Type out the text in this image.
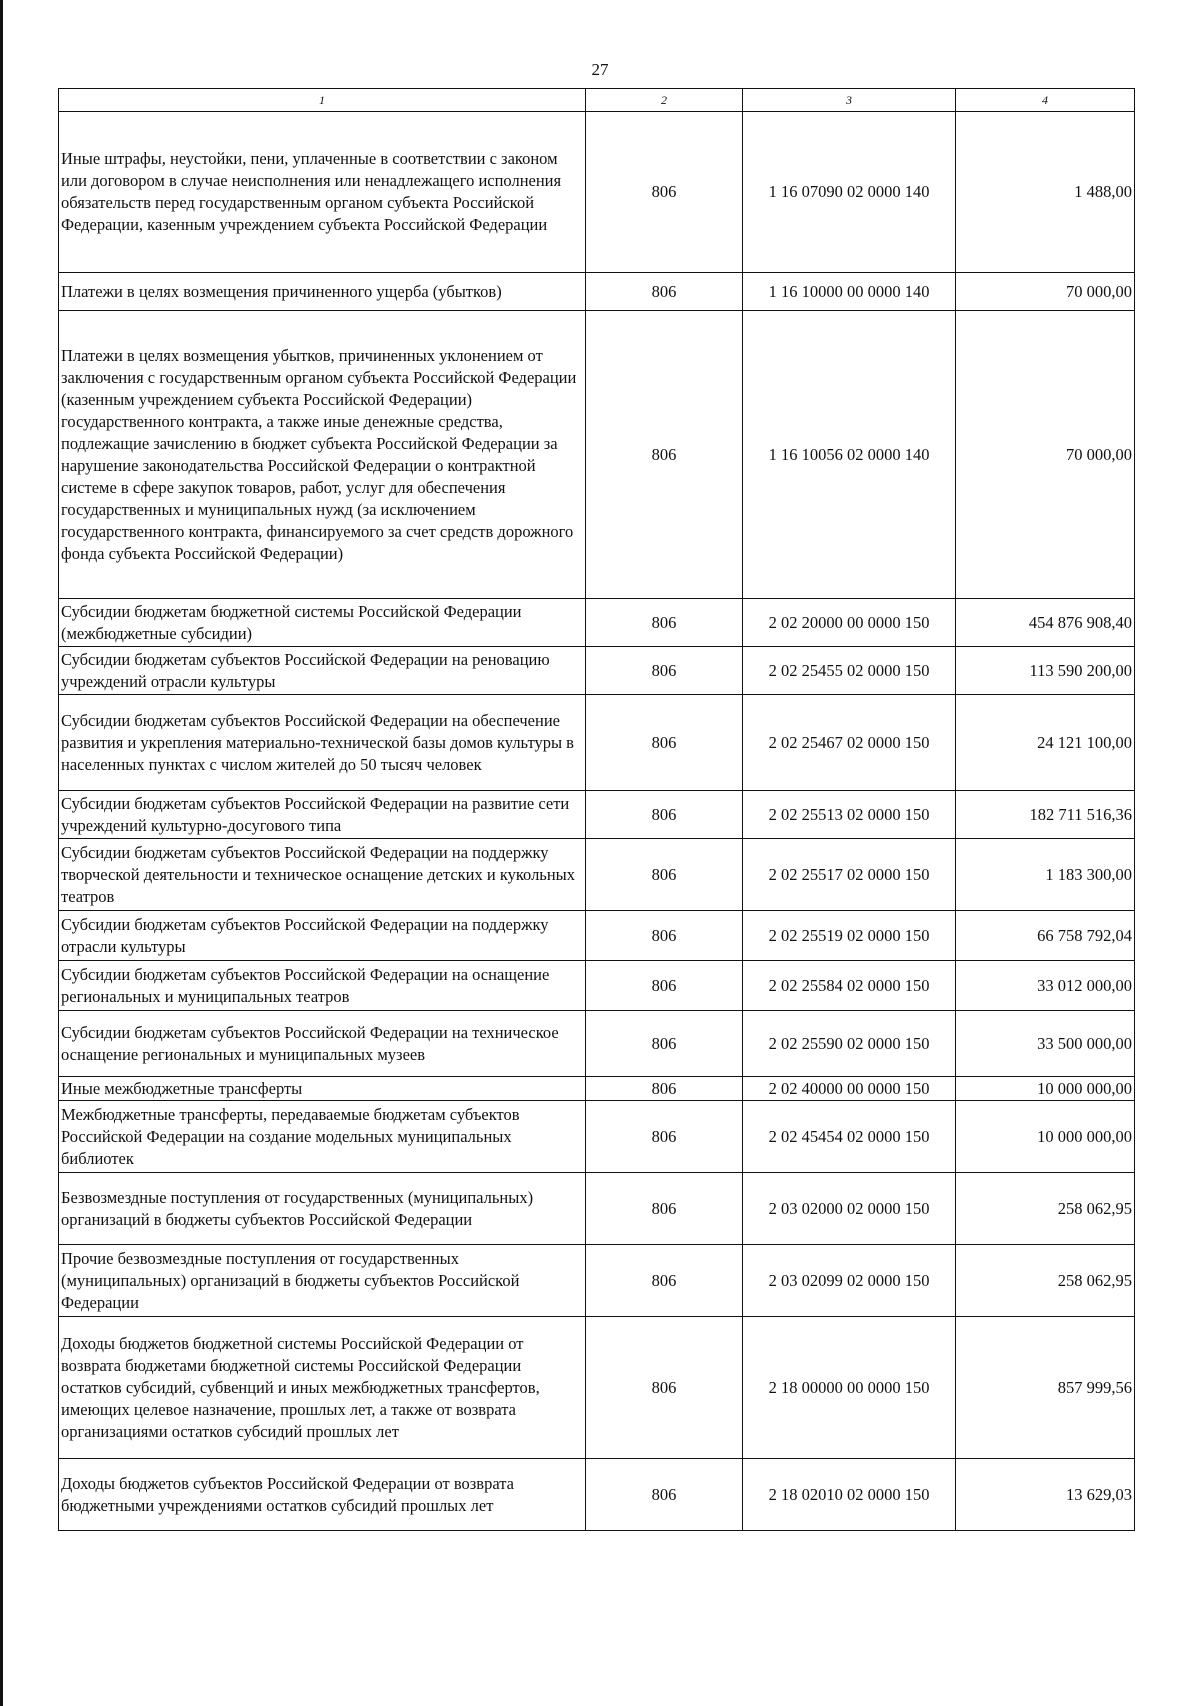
27
1	2	3	4
Иные штрафы, неустойки, пени, уплаченные в соответствии с законом или договором в случае неисполнения или ненадлежащего исполнения обязательств перед государственным органом субъекта Российской Федерации, казенным учреждением субъекта Российской Федерации	806	1 16 07090 02 0000 140	1 488,00
Платежи в целях возмещения причиненного ущерба (убытков)	806	1 16 10000 00 0000 140	70 000,00
Платежи в целях возмещения убытков, причиненных уклонением от заключения с государственным органом субъекта Российской Федерации (казенным учреждением субъекта Российской Федерации) государственного контракта, а также иные денежные средства, подлежащие зачислению в бюджет субъекта Российской Федерации за нарушение законодательства Российской Федерации о контрактной системе в сфере закупок товаров, работ, услуг для обеспечения государственных и муниципальных нужд (за исключением государственного контракта, финансируемого за счет средств дорожного фонда субъекта Российской Федерации)	806	1 16 10056 02 0000 140	70 000,00
Субсидии бюджетам бюджетной системы Российской Федерации (межбюджетные субсидии)	806	2 02 20000 00 0000 150	454 876 908,40
Субсидии бюджетам субъектов Российской Федерации на реновацию учреждений отрасли культуры	806	2 02 25455 02 0000 150	113 590 200,00
Субсидии бюджетам субъектов Российской Федерации на обеспечение развития и укрепления материально-технической базы домов культуры в населенных пунктах с числом жителей до 50 тысяч человек	806	2 02 25467 02 0000 150	24 121 100,00
Субсидии бюджетам субъектов Российской Федерации на развитие сети учреждений культурно-досугового типа	806	2 02 25513 02 0000 150	182 711 516,36
Субсидии бюджетам субъектов Российской Федерации на поддержку творческой деятельности и техническое оснащение детских и кукольных театров	806	2 02 25517 02 0000 150	1 183 300,00
Субсидии бюджетам субъектов Российской Федерации на поддержку отрасли культуры	806	2 02 25519 02 0000 150	66 758 792,04
Субсидии бюджетам субъектов Российской Федерации на оснащение региональных и муниципальных театров	806	2 02 25584 02 0000 150	33 012 000,00
Субсидии бюджетам субъектов Российской Федерации на техническое оснащение региональных и муниципальных музеев	806	2 02 25590 02 0000 150	33 500 000,00
Иные межбюджетные трансферты	806	2 02 40000 00 0000 150	10 000 000,00
Межбюджетные трансферты, передаваемые бюджетам субъектов Российской Федерации на создание модельных муниципальных библиотек	806	2 02 45454 02 0000 150	10 000 000,00
Безвозмездные поступления от государственных (муниципальных) организаций в бюджеты субъектов Российской Федерации	806	2 03 02000 02 0000 150	258 062,95
Прочие безвозмездные поступления от государственных (муниципальных) организаций в бюджеты субъектов Российской Федерации	806	2 03 02099 02 0000 150	258 062,95
Доходы бюджетов бюджетной системы Российской Федерации от возврата бюджетами бюджетной системы Российской Федерации остатков субсидий, субвенций и иных межбюджетных трансфертов, имеющих целевое назначение, прошлых лет, а также от возврата организациями остатков субсидий прошлых лет	806	2 18 00000 00 0000 150	857 999,56
Доходы бюджетов субъектов Российской Федерации от возврата бюджетными учреждениями остатков субсидий прошлых лет	806	2 18 02010 02 0000 150	13 629,03
